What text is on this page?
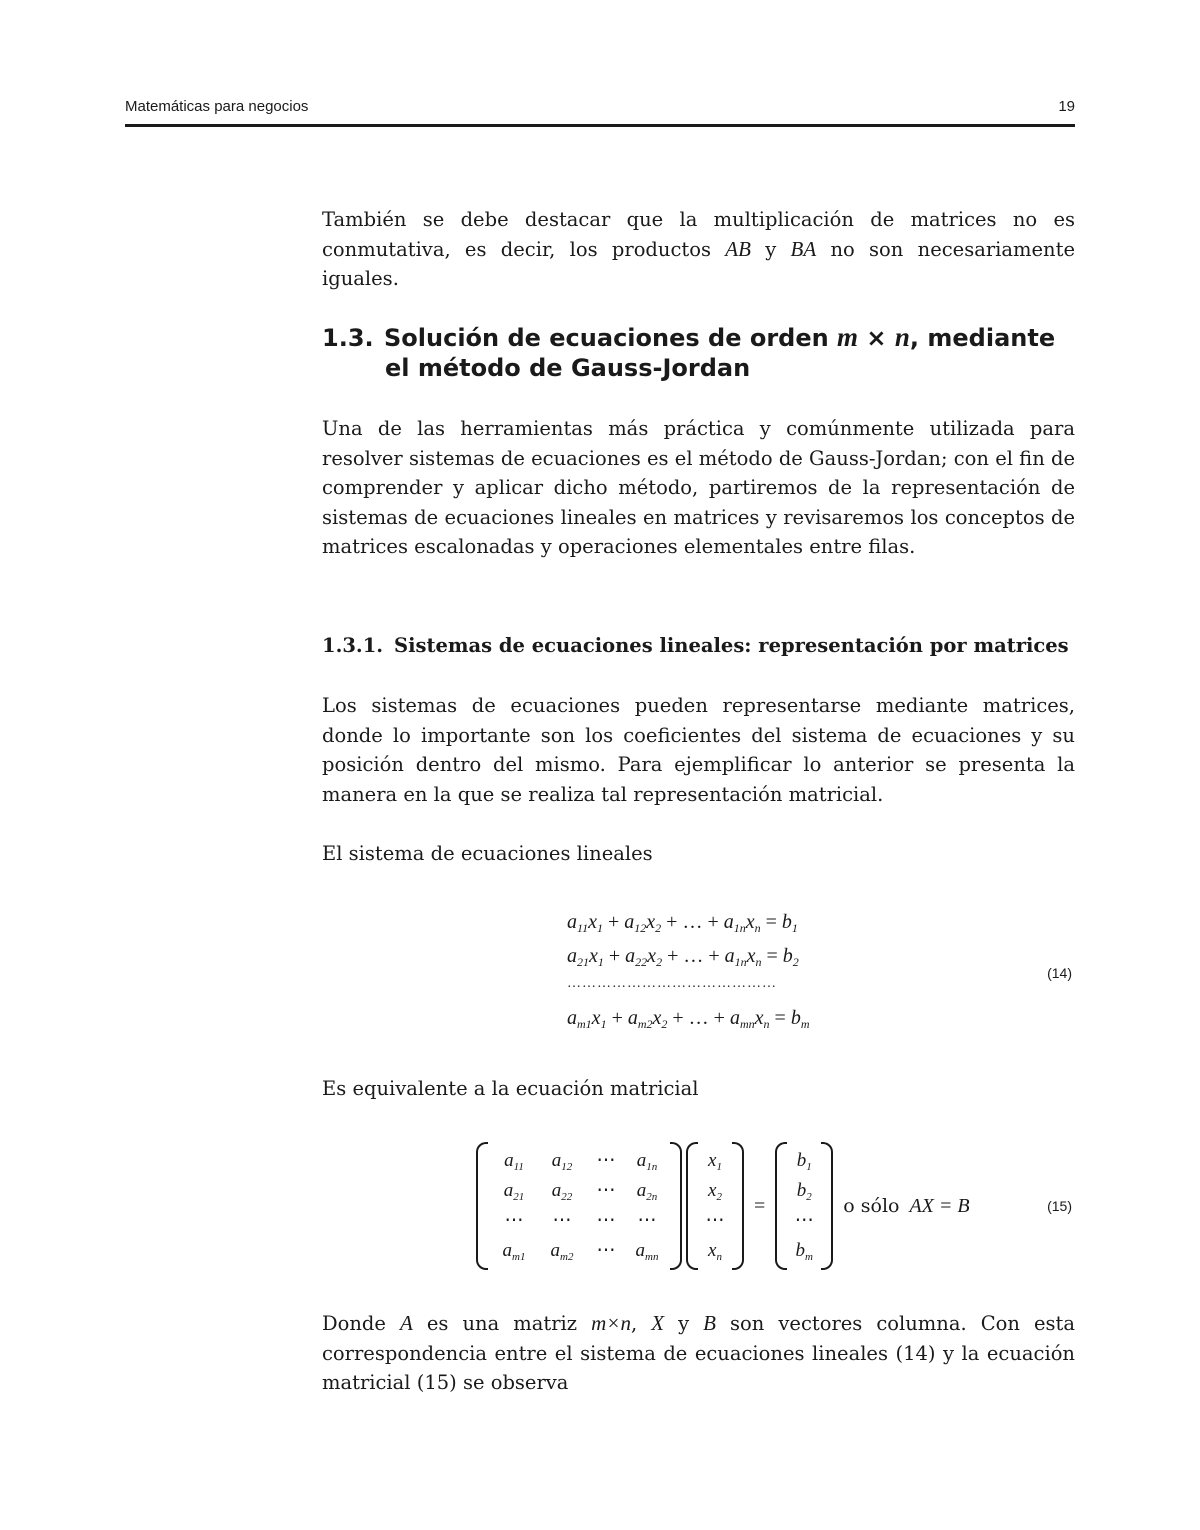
Matemáticas para negocios	19

También se debe destacar que la multiplicación de matrices no es conmutativa, es decir, los productos AB y BA no son necesariamente iguales.

1.3. Solución de ecuaciones de orden m × n, mediante
el método de Gauss-Jordan

Una de las herramientas más práctica y comúnmente utilizada para resolver sistemas de ecuaciones es el método de Gauss-Jordan; con el fin de comprender y aplicar dicho método, partiremos de la representación de sistemas de ecuaciones lineales en matrices y revisaremos los conceptos de matrices escalonadas y operaciones elementales entre filas.

1.3.1. Sistemas de ecuaciones lineales: representación por matrices

Los sistemas de ecuaciones pueden representarse mediante matrices, donde lo importante son los coeficientes del sistema de ecuaciones y su posición dentro del mismo. Para ejemplificar lo anterior se presenta la manera en la que se realiza tal representación matricial.

El sistema de ecuaciones lineales

$a_{11}x_1 + a_{12}x_2$ + … + $a_{1n}x_n = b_1$
$a_{21}x_1 + a_{22}x_2$ + … + $a_{1n}x_n = b_2$
……………………………………
$a_{m1}x_1 + a_{m2}x_2$ + … + $a_{mn}x_n = b_m$
(14)

Es equivalente a la ecuación matricial

$a_{11}$	$a_{12}$	⋯	$a_{1n}$
$a_{21}$	$a_{22}$	⋯	$a_{2n}$
⋯	⋯	⋯	⋯
$a_{m1}$	$a_{m2}$	⋯	$a_{mn}$
$x_1$
$x_2$
⋯
$x_n$
=
$b_1$
$b_2$
⋯
$b_m$
o sólo AX = B	(15)

Donde A es una matriz m×n, X y B son vectores columna. Con esta correspondencia entre el sistema de ecuaciones lineales (14) y la ecuación matricial (15) se observa
